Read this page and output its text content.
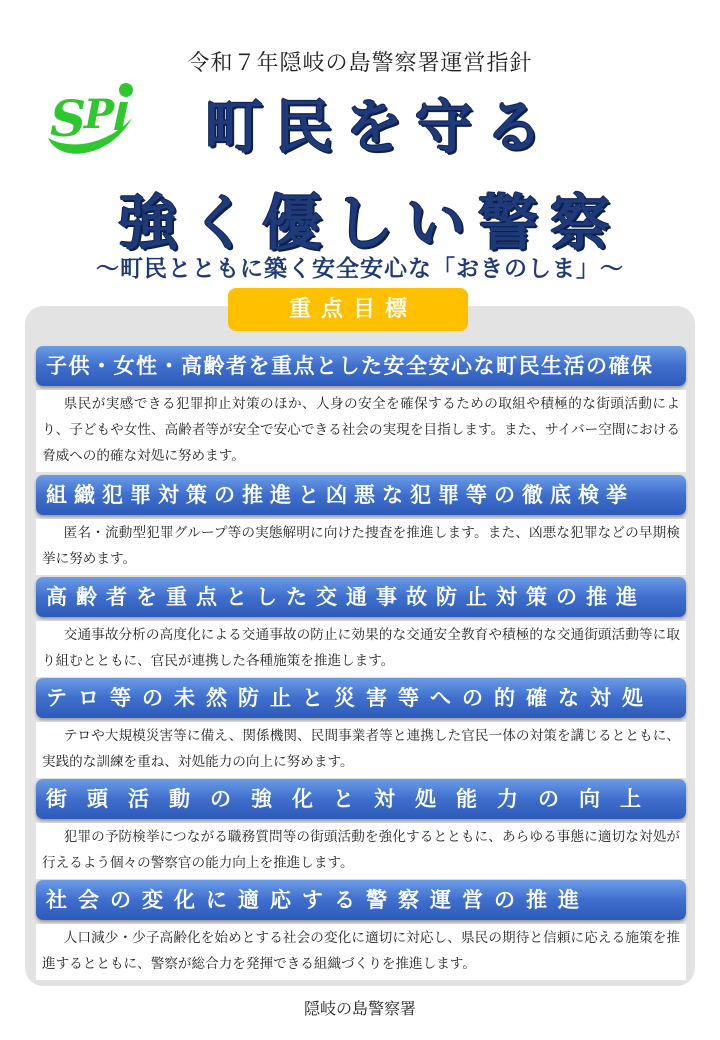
令和７年隠岐の島警察署運営指針
S
P	町民を守る
強く優しい警察
～町民とともに築く安全安心な「おきのしま」～
重点目標
子供・女性・高齢者を重点とした安全安心な町民生活の確保
県民が実感できる犯罪抑止対策のほか、人身の安全を確保するための取組や積極的な街頭活動により、子どもや女性、高齢者等が安全で安心できる社会の実現を目指します。また、サイバー空間における脅威への的確な対処に努めます。
組織犯罪対策の推進と凶悪な犯罪等の徹底検挙
匿名・流動型犯罪グループ等の実態解明に向けた捜査を推進します。また、凶悪な犯罪などの早期検挙に努めます。
高齢者を重点とした交通事故防止対策の推進
交通事故分析の高度化による交通事故の防止に効果的な交通安全教育や積極的な交通街頭活動等に取り組むとともに、官民が連携した各種施策を推進します。
テロ等の未然防止と災害等への的確な対処
テロや大規模災害等に備え、関係機関、民間事業者等と連携した官民一体の対策を講じるとともに、実践的な訓練を重ね、対処能力の向上に努めます。
街頭活動の強化と対処能力の向上
犯罪の予防検挙につながる職務質問等の街頭活動を強化するとともに、あらゆる事態に適切な対処が行えるよう個々の警察官の能力向上を推進します。
社会の変化に適応する警察運営の推進
人口減少・少子高齢化を始めとする社会の変化に適切に対応し、県民の期待と信頼に応える施策を推進するとともに、警察が総合力を発揮できる組織づくりを推進します。
隠岐の島警察署
